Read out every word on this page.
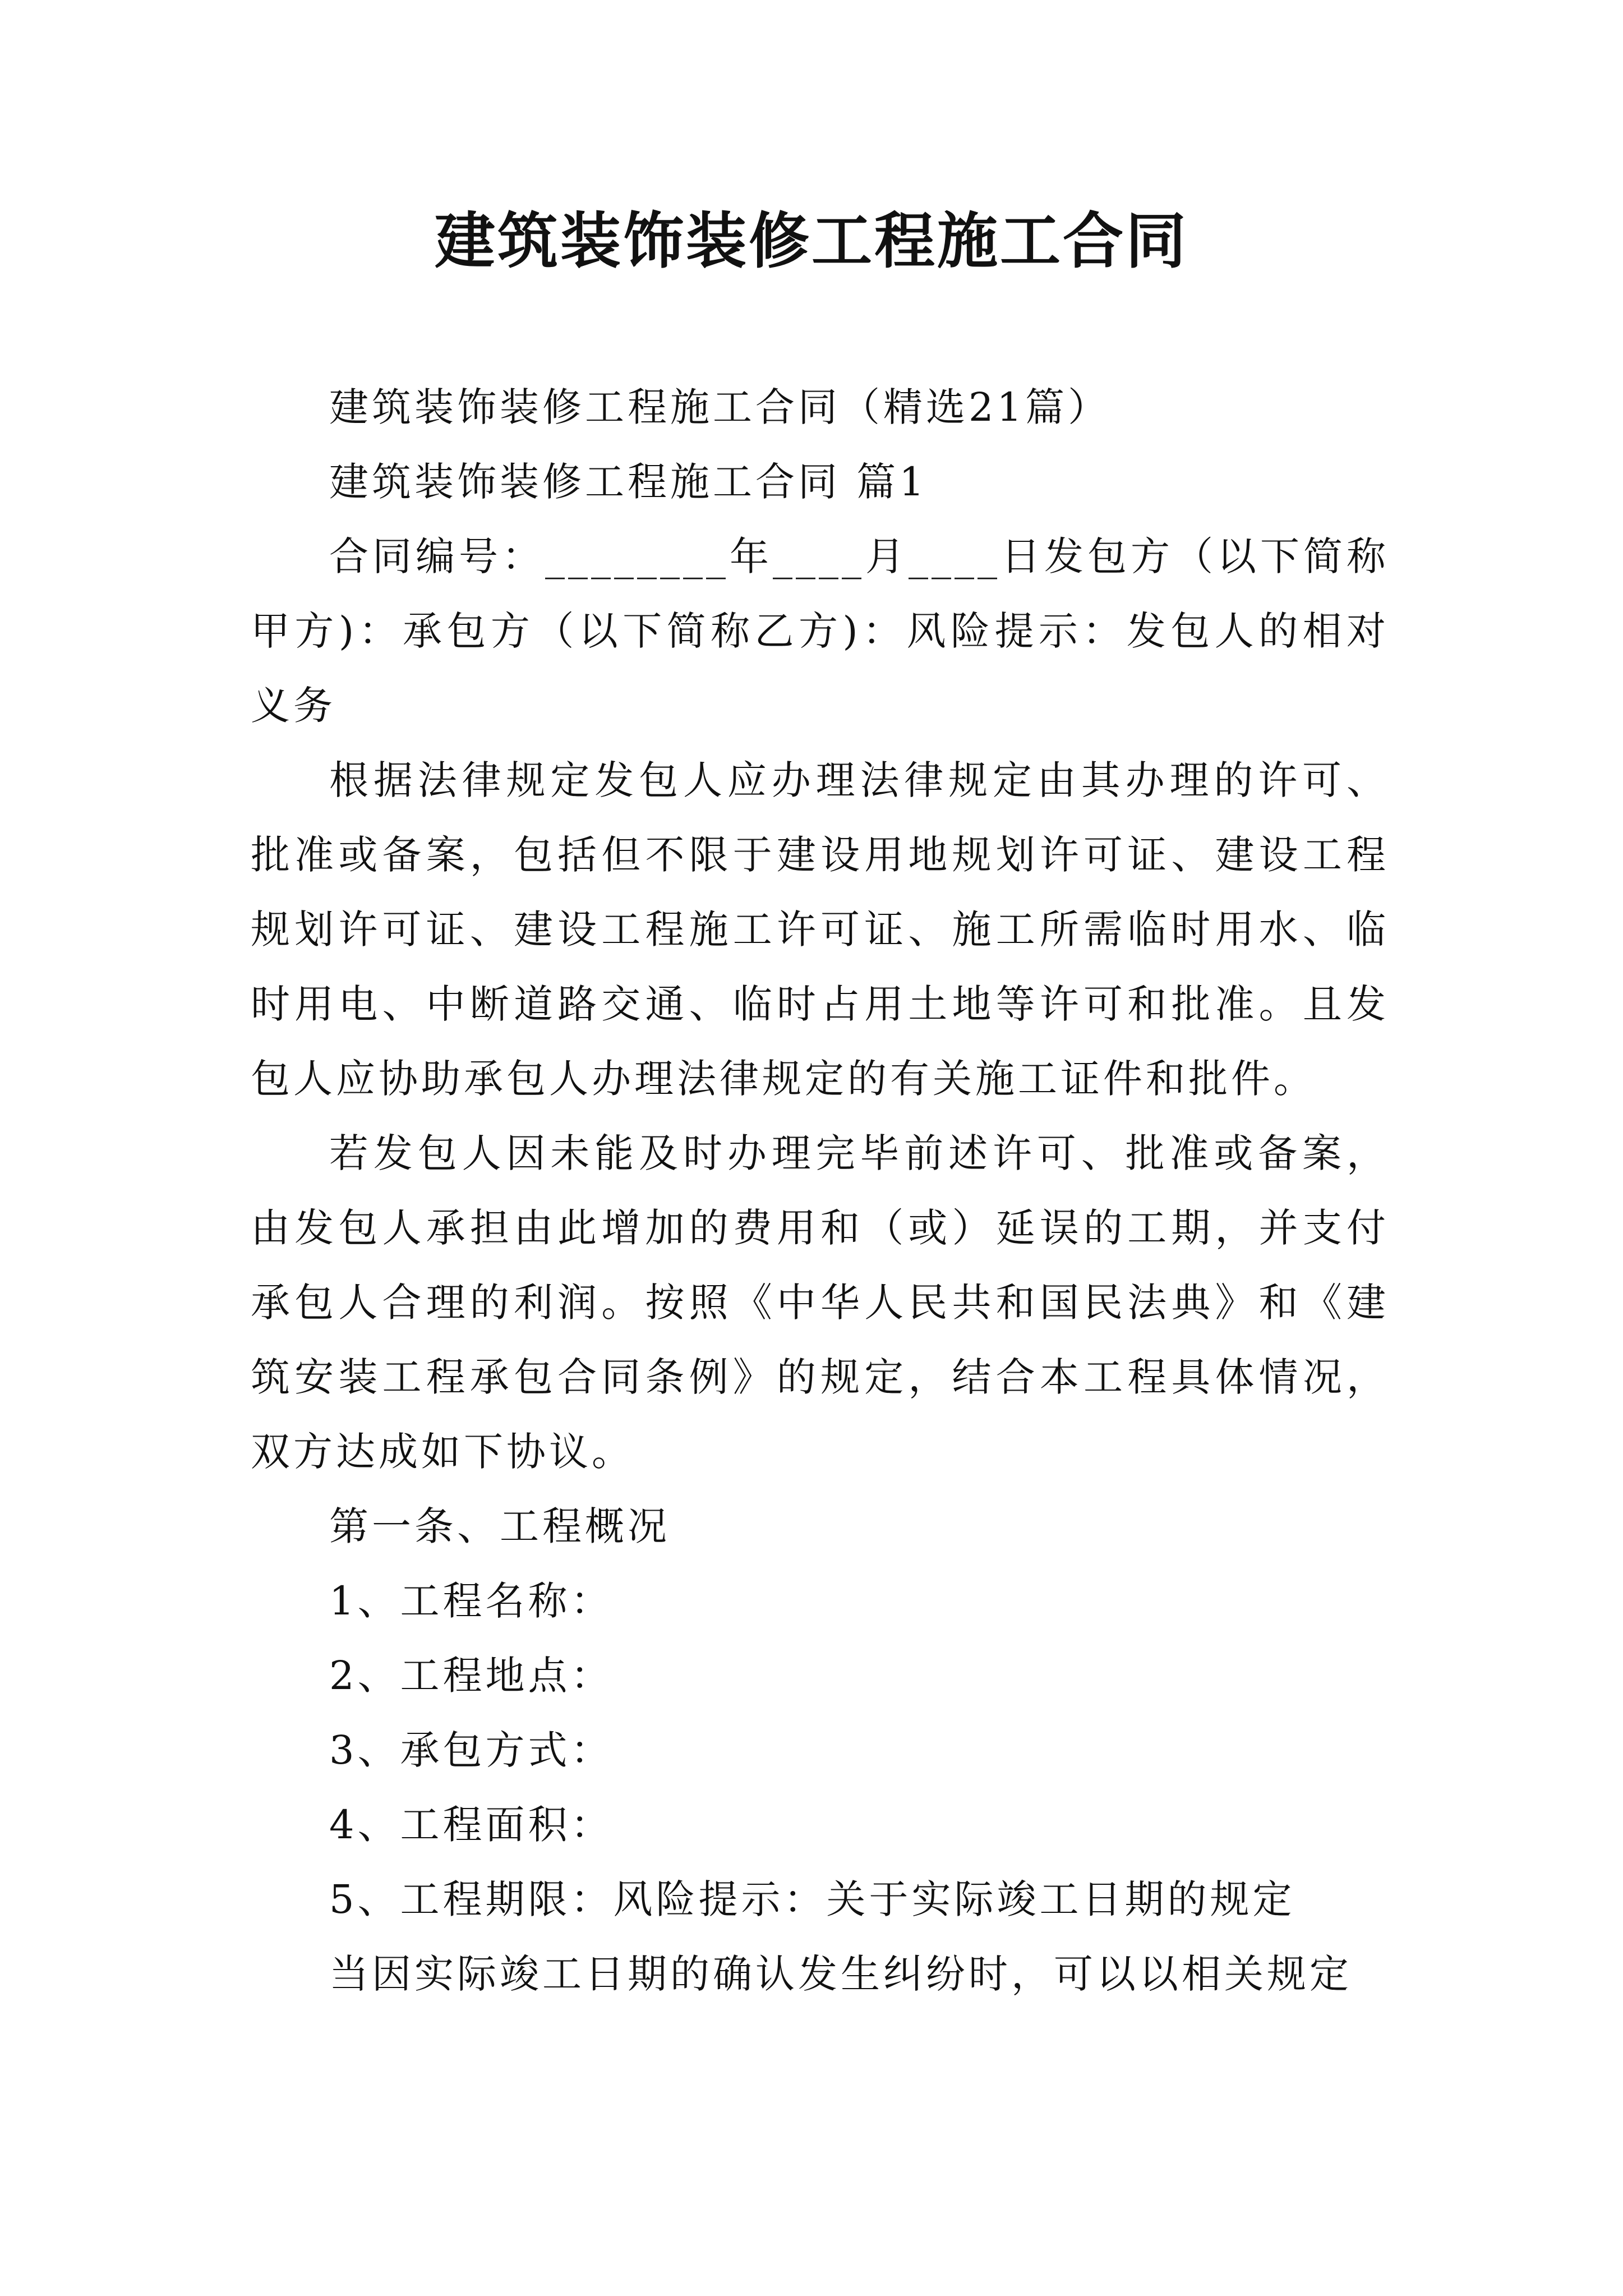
建筑装饰装修工程施工合同

建筑装饰装修工程施工合同（精选21篇）

建筑装饰装修工程施工合同 篇1

合同编号：________年____月____日发包方（以下简称甲方)：承包方（以下简称乙方)：风险提示：发包人的相对义务

根据法律规定发包人应办理法律规定由其办理的许可、批准或备案，包括但不限于建设用地规划许可证、建设工程规划许可证、建设工程施工许可证、施工所需临时用水、临时用电、中断道路交通、临时占用土地等许可和批准。且发包人应协助承包人办理法律规定的有关施工证件和批件。

若发包人因未能及时办理完毕前述许可、批准或备案，由发包人承担由此增加的费用和（或）延误的工期，并支付承包人合理的利润。按照《中华人民共和国民法典》和《建筑安装工程承包合同条例》的规定，结合本工程具体情况，双方达成如下协议。

第一条、工程概况

1、工程名称：

2、工程地点：

3、承包方式：

4、工程面积：

5、工程期限：风险提示：关于实际竣工日期的规定

当因实际竣工日期的确认发生纠纷时，可以以相关规定
